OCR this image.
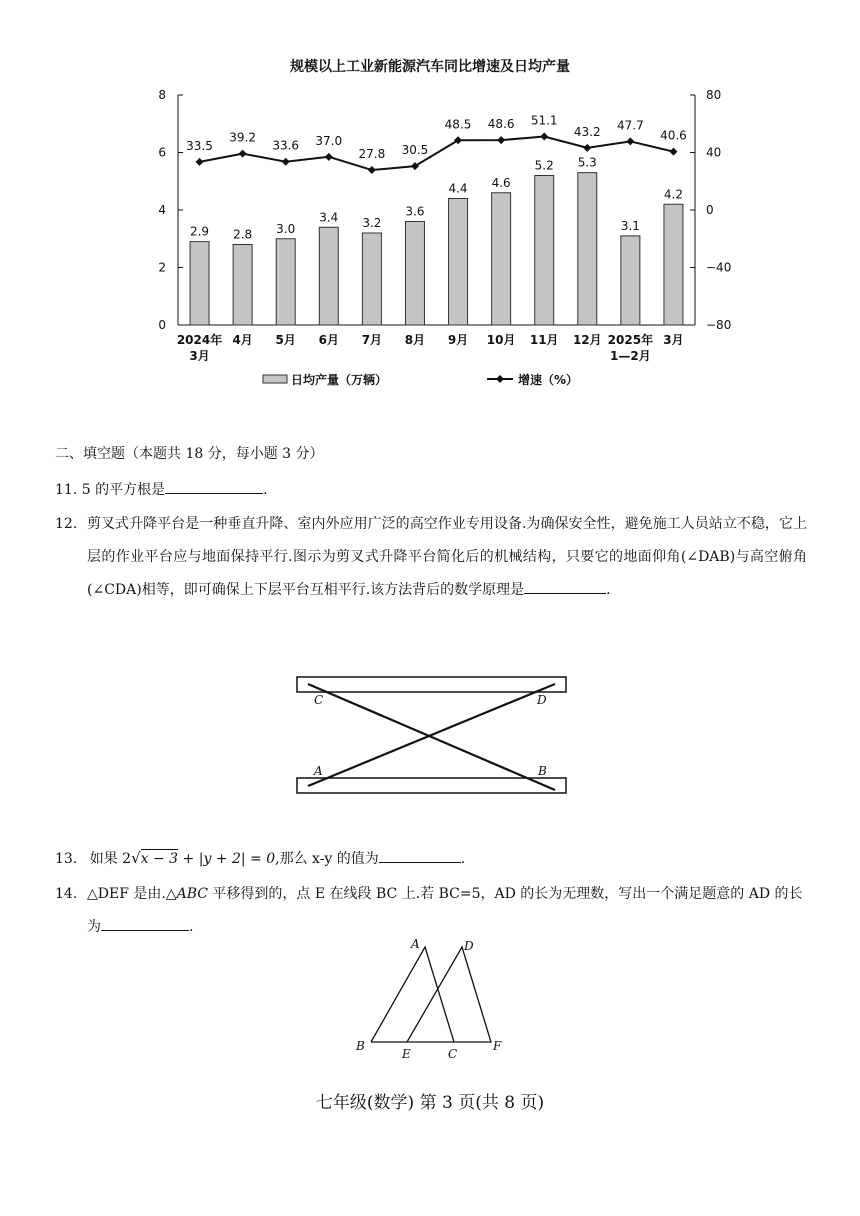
规模以上工业新能源汽车同比增速及日均产量
0
2
4
6
8
−80
−40
0
40
80
2.9 2.8 3.0
3.4 3.2
3.6
4.4 4.6
5.2 5.3
3.1
4.2
33.5
39.2
33.6 37.0
27.8 30.5
48.5 48.6 51.1
43.2 47.7
40.6
2024年
3月
4月 5月 6月 7月 8月 9月 10月 11月 12月 2025年
1—2月
3月
日均产量（万辆）	增速（%）
二、填空题（本题共 18 分，每小题 3 分）
11. 5 的平方根是	.
12. 剪叉式升降平台是一种垂直升降、室内外应用广泛的高空作业专用设备.为确保安全性，避免施工人员站立不稳，它上层的作业平台应与地面保持平行.图示为剪叉式升降平台简化后的机械结构，只要它的地面仰角(∠DAB)与高空俯角(∠CDA)相等，即可确保上下层平台互相平行.该方法背后的数学原理是	.
C	D
A	B
13. 如果 2√x − 3 + |y + 2| = 0,那么 x-y 的值为	.
14. △DEF 是由.△ABC 平移得到的，点 E 在线段 BC 上.若 BC=5，AD 的长为无理数，写出一个满足题意的 AD 的长为	.
A	D
B
E	C
F
七年级(数学) 第 3 页(共 8 页)
